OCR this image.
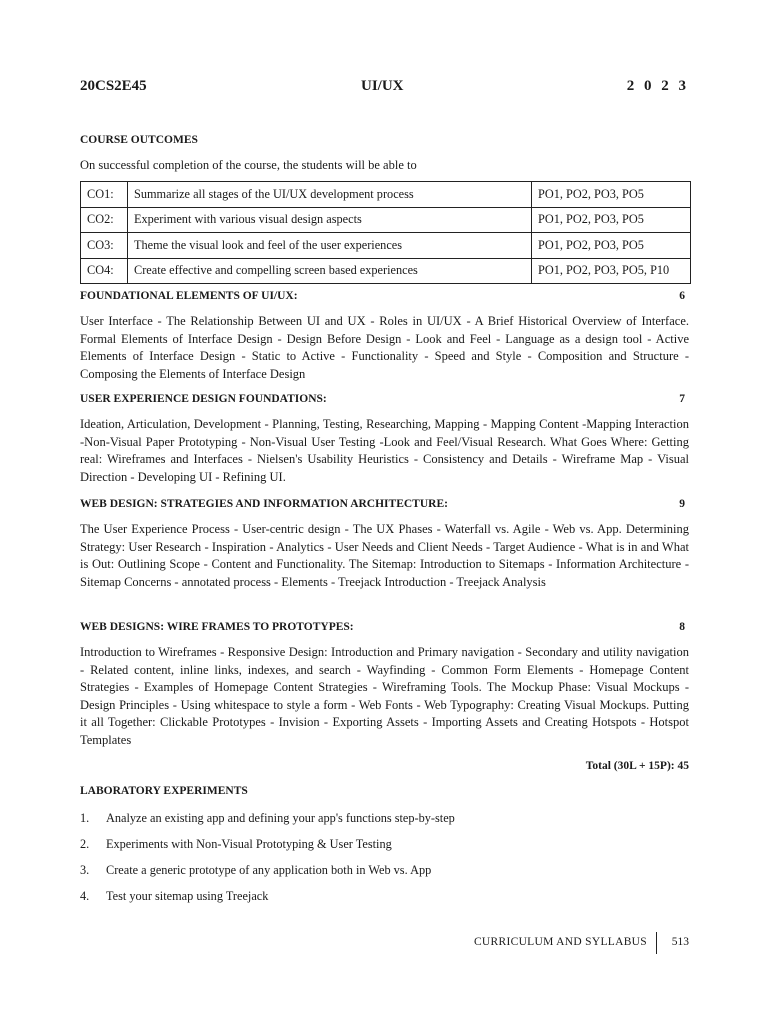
20CS2E45	UI/UX	2 0 2 3
COURSE OUTCOMES
On successful completion of the course, the students will be able to
CO1:	Summarize all stages of the UI/UX development process	PO1, PO2, PO3, PO5
CO2:	Experiment with various visual design aspects	PO1, PO2, PO3, PO5
CO3:	Theme the visual look and feel of the user experiences	PO1, PO2, PO3, PO5
CO4:	Create effective and compelling screen based experiences	PO1, PO2, PO3, PO5, P10
FOUNDATIONAL ELEMENTS OF UI/UX:	6
User Interface - The Relationship Between UI and UX - Roles in UI/UX - A Brief Historical Overview of Interface. Formal Elements of Interface Design - Design Before Design - Look and Feel - Language as a design tool - Active Elements of Interface Design - Static to Active - Functionality - Speed and Style - Composition and Structure - Composing the Elements of Interface Design
USER EXPERIENCE DESIGN FOUNDATIONS:	7
Ideation, Articulation, Development - Planning, Testing, Researching, Mapping - Mapping Content -Mapping Interaction -Non-Visual Paper Prototyping - Non-Visual User Testing -Look and Feel/Visual Research. What Goes Where: Getting real: Wireframes and Interfaces - Nielsen's Usability Heuristics - Consistency and Details - Wireframe Map - Visual Direction - Developing UI - Refining UI.
WEB DESIGN: STRATEGIES AND INFORMATION ARCHITECTURE:	9
The User Experience Process - User-centric design - The UX Phases - Waterfall vs. Agile - Web vs. App. Determining Strategy: User Research - Inspiration - Analytics - User Needs and Client Needs - Target Audience - What is in and What is Out: Outlining Scope - Content and Functionality. The Sitemap: Introduction to Sitemaps - Information Architecture - Sitemap Concerns - annotated process - Elements - Treejack Introduction - Treejack Analysis
WEB DESIGNS: WIRE FRAMES TO PROTOTYPES:	8
Introduction to Wireframes - Responsive Design: Introduction and Primary navigation - Secondary and utility navigation - Related content, inline links, indexes, and search - Wayfinding - Common Form Elements - Homepage Content Strategies - Examples of Homepage Content Strategies - Wireframing Tools. The Mockup Phase: Visual Mockups - Design Principles - Using whitespace to style a form - Web Fonts - Web Typography: Creating Visual Mockups. Putting it all Together: Clickable Prototypes - Invision - Exporting Assets - Importing Assets and Creating Hotspots - Hotspot Templates
Total (30L + 15P): 45
LABORATORY EXPERIMENTS
1.	Analyze an existing app and defining your app's functions step-by-step
2.	Experiments with Non-Visual Prototyping & User Testing
3.	Create a generic prototype of any application both in Web vs. App
4.	Test your sitemap using Treejack
CURRICULUM AND SYLLABUS 513
